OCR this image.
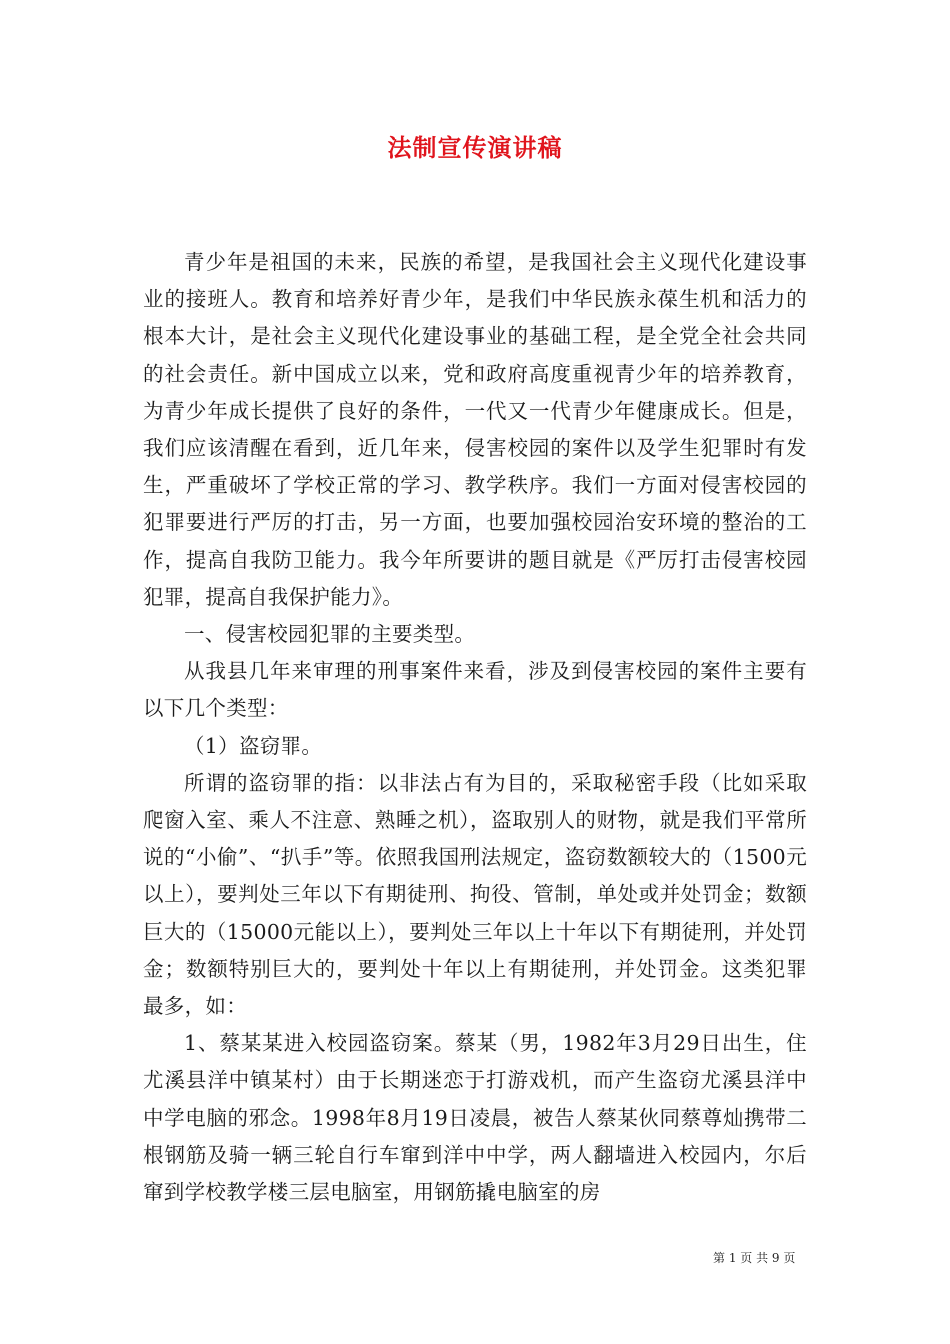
法制宣传演讲稿

青少年是祖国的未来，民族的希望，是我国社会主义现代化建设事业的接班人。教育和培养好青少年，是我们中华民族永葆生机和活力的根本大计，是社会主义现代化建设事业的基础工程，是全党全社会共同的社会责任。新中国成立以来，党和政府高度重视青少年的培养教育，为青少年成长提供了良好的条件，一代又一代青少年健康成长。但是，我们应该清醒在看到，近几年来，侵害校园的案件以及学生犯罪时有发生，严重破坏了学校正常的学习、教学秩序。我们一方面对侵害校园的犯罪要进行严厉的打击，另一方面，也要加强校园治安环境的整治的工作，提高自我防卫能力。我今年所要讲的题目就是《严厉打击侵害校园犯罪，提高自我保护能力》。

一、侵害校园犯罪的主要类型。

从我县几年来审理的刑事案件来看，涉及到侵害校园的案件主要有以下几个类型：

（1）盗窃罪。

所谓的盗窃罪的指：以非法占有为目的，采取秘密手段（比如采取爬窗入室、乘人不注意、熟睡之机），盗取别人的财物，就是我们平常所说的“小偷”、“扒手”等。依照我国刑法规定，盗窃数额较大的（1500元以上），要判处三年以下有期徒刑、拘役、管制，单处或并处罚金；数额巨大的（15000元能以上），要判处三年以上十年以下有期徒刑，并处罚金；数额特别巨大的，要判处十年以上有期徒刑，并处罚金。这类犯罪最多，如：

1、蔡某某进入校园盗窃案。蔡某（男，1982年3月29日出生，住尤溪县洋中镇某村）由于长期迷恋于打游戏机，而产生盗窃尤溪县洋中中学电脑的邪念。1998年8月19日凌晨，被告人蔡某伙同蔡尊灿携带二根钢筋及骑一辆三轮自行车窜到洋中中学，两人翻墙进入校园内，尔后窜到学校教学楼三层电脑室，用钢筋撬电脑室的房

第 1 页 共 9 页
